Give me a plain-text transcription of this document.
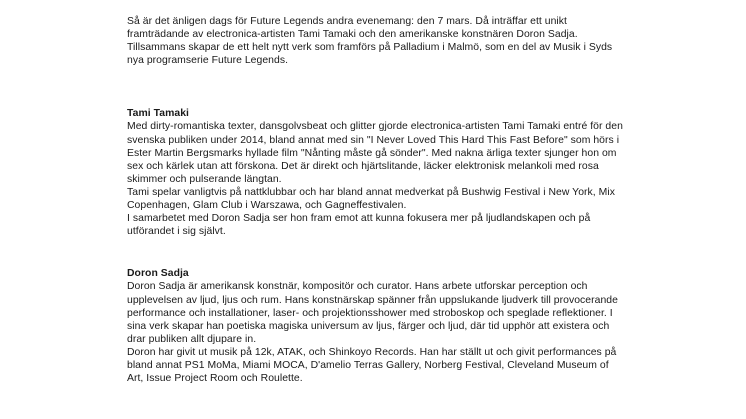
Så är det änligen dags för Future Legends andra evenemang: den 7 mars. Då inträffar ett unikt framträdande av electronica-artisten Tami Tamaki och den amerikanske konstnären Doron Sadja. Tillsammans skapar de ett helt nytt verk som framförs på Palladium i Malmö, som en del av Musik i Syds nya programserie Future Legends.

Tami Tamaki

Med dirty-romantiska texter, dansgolvsbeat och glitter gjorde electronica-artisten Tami Tamaki entré för den svenska publiken under 2014, bland annat med sin "I Never Loved This Hard This Fast Before" som hörs i Ester Martin Bergsmarks hyllade film "Nånting måste gå sönder". Med nakna ärliga texter sjunger hon om sex och kärlek utan att förskona. Det är direkt och hjärtslitande, läcker elektronisk melankoli med rosa skimmer och pulserande längtan.

Tami spelar vanligtvis på nattklubbar och har bland annat medverkat på Bushwig Festival i New York, Mix Copenhagen, Glam Club i Warszawa, och Gagneffestivalen.

I samarbetet med Doron Sadja ser hon fram emot att kunna fokusera mer på ljudlandskapen och på utförandet i sig självt.

Doron Sadja

Doron Sadja är amerikansk konstnär, kompositör och curator. Hans arbete utforskar perception och upplevelsen av ljud, ljus och rum. Hans konstnärskap spänner från uppslukande ljudverk till provocerande performance och installationer, laser- och projektionsshower med stroboskop och speglade reflektioner. I sina verk skapar han poetiska magiska universum av ljus, färger och ljud, där tid upphör att existera och drar publiken allt djupare in.

Doron har givit ut musik på 12k, ATAK, och Shinkoyo Records. Han har ställt ut och givit performances på bland annat PS1 MoMa, Miami MOCA, D'amelio Terras Gallery, Norberg Festival, Cleveland Museum of Art, Issue Project Room och Roulette.
